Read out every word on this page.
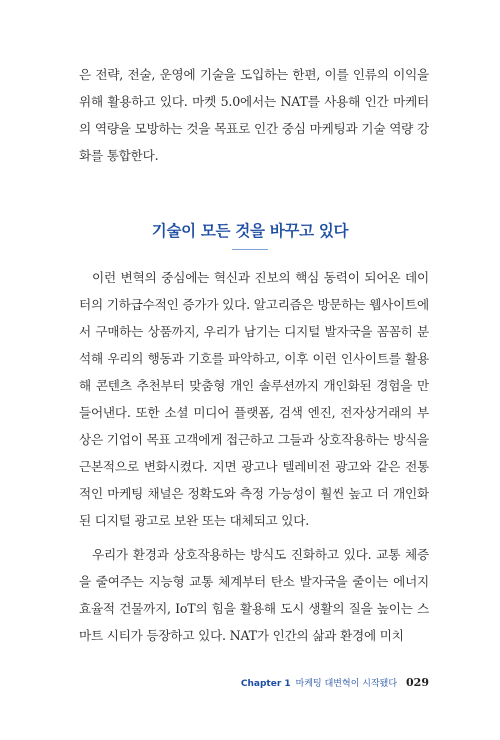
은 전략, 전술, 운영에 기술을 도입하는 한편, 이를 인류의 이익을 위해 활용하고 있다. 마켓 5.0에서는 NAT를 사용해 인간 마케터의 역량을 모방하는 것을 목표로 인간 중심 마케팅과 기술 역량 강화를 통합한다.

기술이 모든 것을 바꾸고 있다

이런 변혁의 중심에는 혁신과 진보의 핵심 동력이 되어온 데이터의 기하급수적인 증가가 있다. 알고리즘은 방문하는 웹사이트에서 구매하는 상품까지, 우리가 남기는 디지털 발자국을 꼼꼼히 분석해 우리의 행동과 기호를 파악하고, 이후 이런 인사이트를 활용해 콘텐츠 추천부터 맞춤형 개인 솔루션까지 개인화된 경험을 만들어낸다. 또한 소셜 미디어 플랫폼, 검색 엔진, 전자상거래의 부상은 기업이 목표 고객에게 접근하고 그들과 상호작용하는 방식을 근본적으로 변화시켰다. 지면 광고나 텔레비전 광고와 같은 전통적인 마케팅 채널은 정확도와 측정 가능성이 훨씬 높고 더 개인화된 디지털 광고로 보완 또는 대체되고 있다.

우리가 환경과 상호작용하는 방식도 진화하고 있다. 교통 체증을 줄여주는 지능형 교통 체계부터 탄소 발자국을 줄이는 에너지 효율적 건물까지, IoT의 힘을 활용해 도시 생활의 질을 높이는 스마트 시티가 등장하고 있다. NAT가 인간의 삶과 환경에 미치

Chapter 1 마케팅 대변혁이 시작됐다 029
